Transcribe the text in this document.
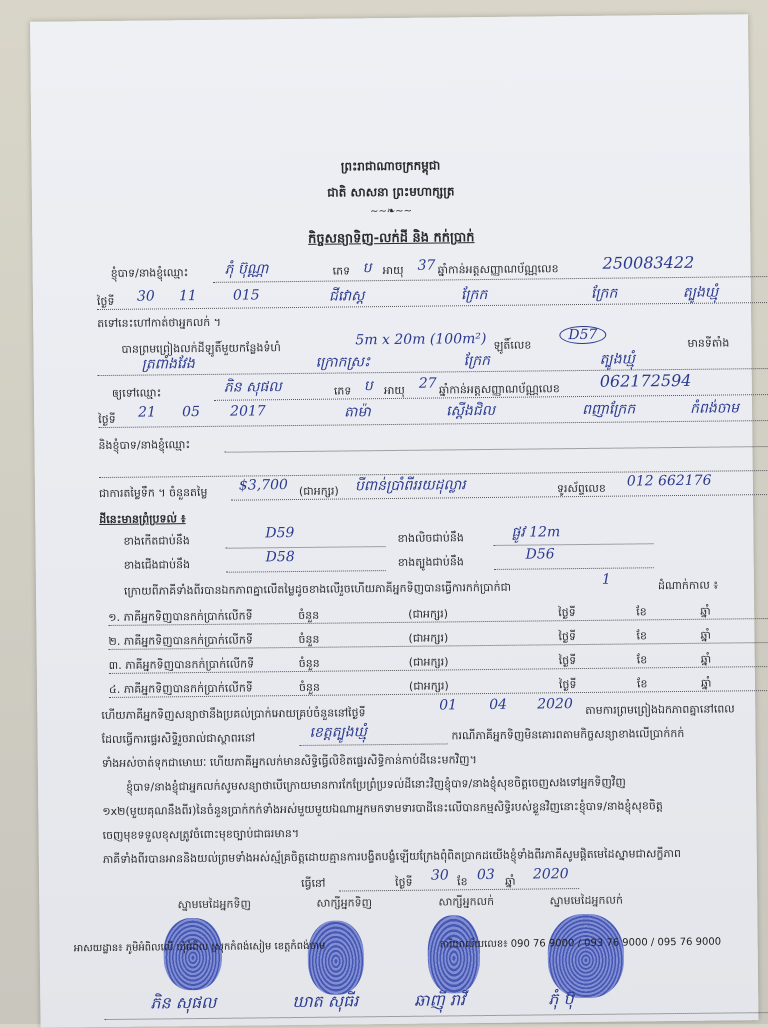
ព្រះរាជាណាចក្រកម្ពុជា
ជាតិ សាសនា ព្រះមហាក្សត្រ
~~❧~~
កិច្ចសន្យាទិញ-លក់ដី និង កក់ប្រាក់
ខ្ញុំបាទ/នាងខ្ញុំឈ្មោះ	ភុំ ប៊ុណ្ណា	ភេទ ប អាយុ 37 ឆ្នាំកាន់អត្តសញ្ញាណប័ណ្ណលេខ	250083422
ថ្ងៃទី 30 11	015	ជីវោស្ត	ក្រែក	ក្រែក	ត្បូងឃ្មុំ
តទៅនេះហៅកាត់ថាអ្នកលក់ ។
បានព្រមព្រៀងលក់ដីឡូតិ៍មួយកន្លែងទំហំ
5m x 20m (100m²) ឡូតិ៍លេខ
D57
មានទីតាំង
ត្រពាំងវែង	ក្រោកស្រះ	ក្រែក	ត្បូងឃ្មុំ
ឲ្យទៅឈ្មោះ	ភិន សុផល	ភេទ ប អាយុ 27 ឆ្នាំកាន់អត្តសញ្ញាណប័ណ្ណលេខ 062172594
ថ្ងៃទី 21 05 2017	តាម៉ា	ស្ដើងជិល	ពញាក្រែក	កំពង់ចាម
និងខ្ញុំបាទ/នាងខ្ញុំឈ្មោះ
ជាការតម្លៃទឹក ។ ចំនួនតម្លៃ $3,700 (ជាអក្សរ) បីពាន់ប្រាំពីររយដុល្លារ	ទូរស័ព្ទលេខ 012 662176
ដីនេះមានព្រំប្រទល់ ៖
ខាងកើតជាប់នឹង	D59	ខាងលិចជាប់នឹង	ផ្លូវ 12m
ខាងជើងជាប់នឹង	D58	ខាងត្បូងជាប់នឹង	D56
ក្រោយពីភាគីទាំងពីរបានឯកភាពគ្នាលើតម្លៃដូចខាងលើរួចហើយភាគីអ្នកទិញបានធ្វើការកក់ប្រាក់ជា
1	ដំណាក់កាល ៖
១. ភាគីអ្នកទិញបានកក់ប្រាក់លើកទី	ចំនួន	(ជាអក្សរ)	ថ្ងៃទី	ខែ	ឆ្នាំ
២. ភាគីអ្នកទិញបានកក់ប្រាក់លើកទី	ចំនួន	(ជាអក្សរ)	ថ្ងៃទី	ខែ	ឆ្នាំ
៣. ភាគីអ្នកទិញបានកក់ប្រាក់លើកទី	ចំនួន	(ជាអក្សរ)	ថ្ងៃទី	ខែ	ឆ្នាំ
៤. ភាគីអ្នកទិញបានកក់ប្រាក់លើកទី	ចំនួន	(ជាអក្សរ)	ថ្ងៃទី	ខែ	ឆ្នាំ
ហើយភាគីអ្នកទិញសន្យាថានឹងប្រគល់ប្រាក់អោយគ្រប់ចំនួននៅថ្ងៃទី
01 04 2020 តាមការព្រមព្រៀងឯកភាពគ្នានៅពេល
ដែលធ្វើការផ្ទេរសិទ្ធិរួចរាល់ជាស្ថាពរនៅ	ខេត្តត្បូងឃ្មុំ	ករណីភាគីអ្នកទិញមិនគោរពតាមកិច្ចសន្យាខាងលើប្រាក់កក់
ទាំងអស់ចាត់ទុកជាមោឃៈ ហើយភាគីអ្នកលក់មានសិទ្ធិធ្វើលិខិតផ្ទេរសិទ្ធិកាន់កាប់ដីនេះមកវិញ។
ខ្ញុំបាទ/នាងខ្ញុំជាអ្នកលក់សូមសន្យាថាបើក្រោយមានការកែប្រែព្រំប្រទល់ដីនោះវិញខ្ញុំបាទ/នាងខ្ញុំសុខចិត្តចេញសងទៅអ្នកទិញវិញ
១x២(មួយគុណនឹងពីរ)នៃចំនួនប្រាក់កក់ទាំងអស់មួយមួយឯណាអ្នកមកទាមទារបាដីនេះលើបានកម្មសិទ្ធិរបស់ខ្លួនវិញនោះខ្ញុំបាទ/នាងខ្ញុំសុខចិត្ត
ចេញមុខទទួលខុសត្រូវចំពោះមុខច្បាប់ជាធរមាន។
ភាគីទាំងពីរបានអាននិងយល់ព្រមទាំងអស់ស្ម័គ្រចិត្តដោយគ្មានការបង្ខិតបង្ខំឡើយក្រែងពុំពិតប្រាកដយើងខ្ញុំទាំងពីរភាគីសូមផ្តិតមេដៃស្នាមជាសក្ខីភាព
ធ្វើនៅ	ថ្ងៃទី 30 ខែ 03 ឆ្នាំ 2020
ស្នាមមេដៃអ្នកទិញ	សាក្សីអ្នកទិញ	សាក្សីអ្នកលក់	ស្នាមមេដៃអ្នកលក់
ភិន សុផល	ឃាត សុធីរ	ឆាញ៉ី រាវី	ភុំ ប៊ុ
អាសយដ្ឋាន៖ ភូមិអំពិលលើ ឃុំអំពិល ស្រុកកំពង់សៀម ខេត្តកំពង់ចាម	ការិយាល័យលេខ៖ 090 76 9000 / 093 76 9000 / 095 76 9000
